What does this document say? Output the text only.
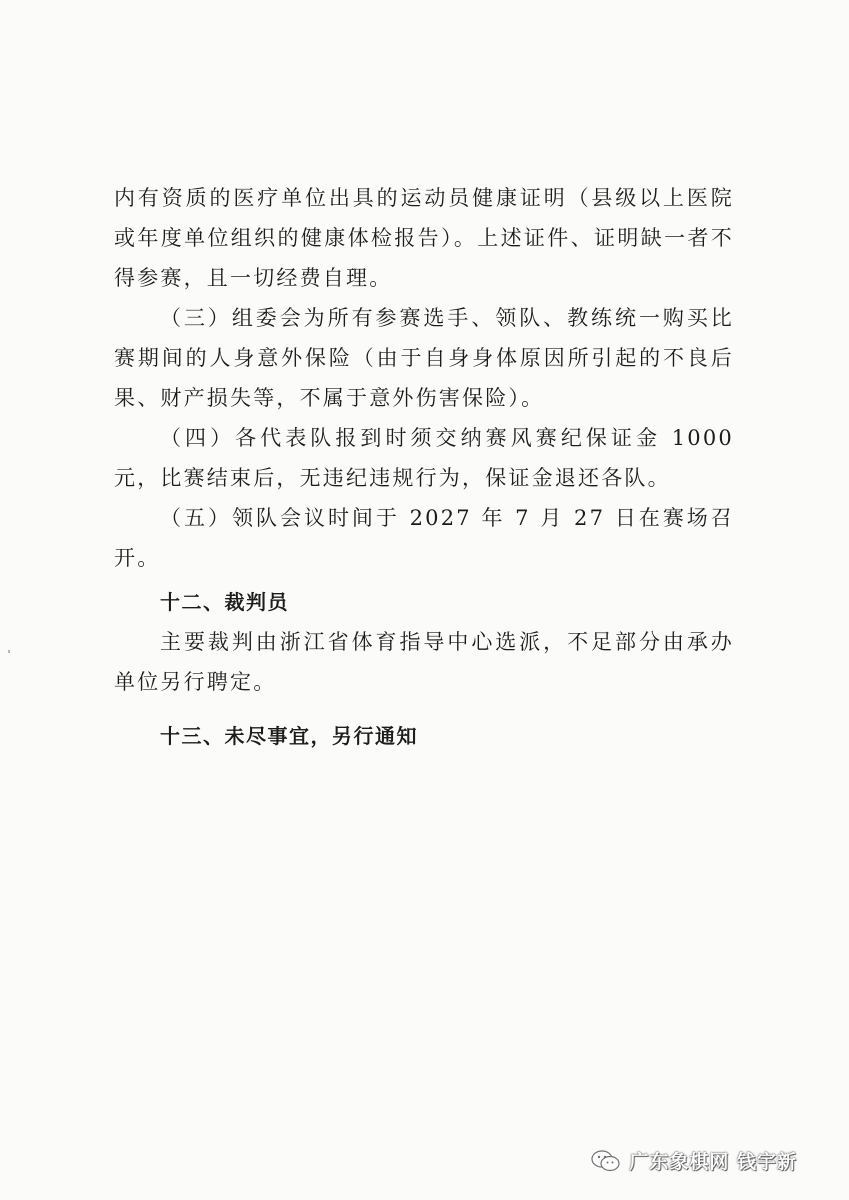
内有资质的医疗单位出具的运动员健康证明（县级以上医院或年度单位组织的健康体检报告）。上述证件、证明缺一者不得参赛，且一切经费自理。

（三）组委会为所有参赛选手、领队、教练统一购买比赛期间的人身意外保险（由于自身身体原因所引起的不良后果、财产损失等，不属于意外伤害保险）。

（四）各代表队报到时须交纳赛风赛纪保证金 1000 元，比赛结束后，无违纪违规行为，保证金退还各队。

（五）领队会议时间于 2027 年 7 月 27 日在赛场召开。

十二、裁判员

主要裁判由浙江省体育指导中心选派，不足部分由承办单位另行聘定。

十三、未尽事宜，另行通知

广东象棋网 钱宇新
